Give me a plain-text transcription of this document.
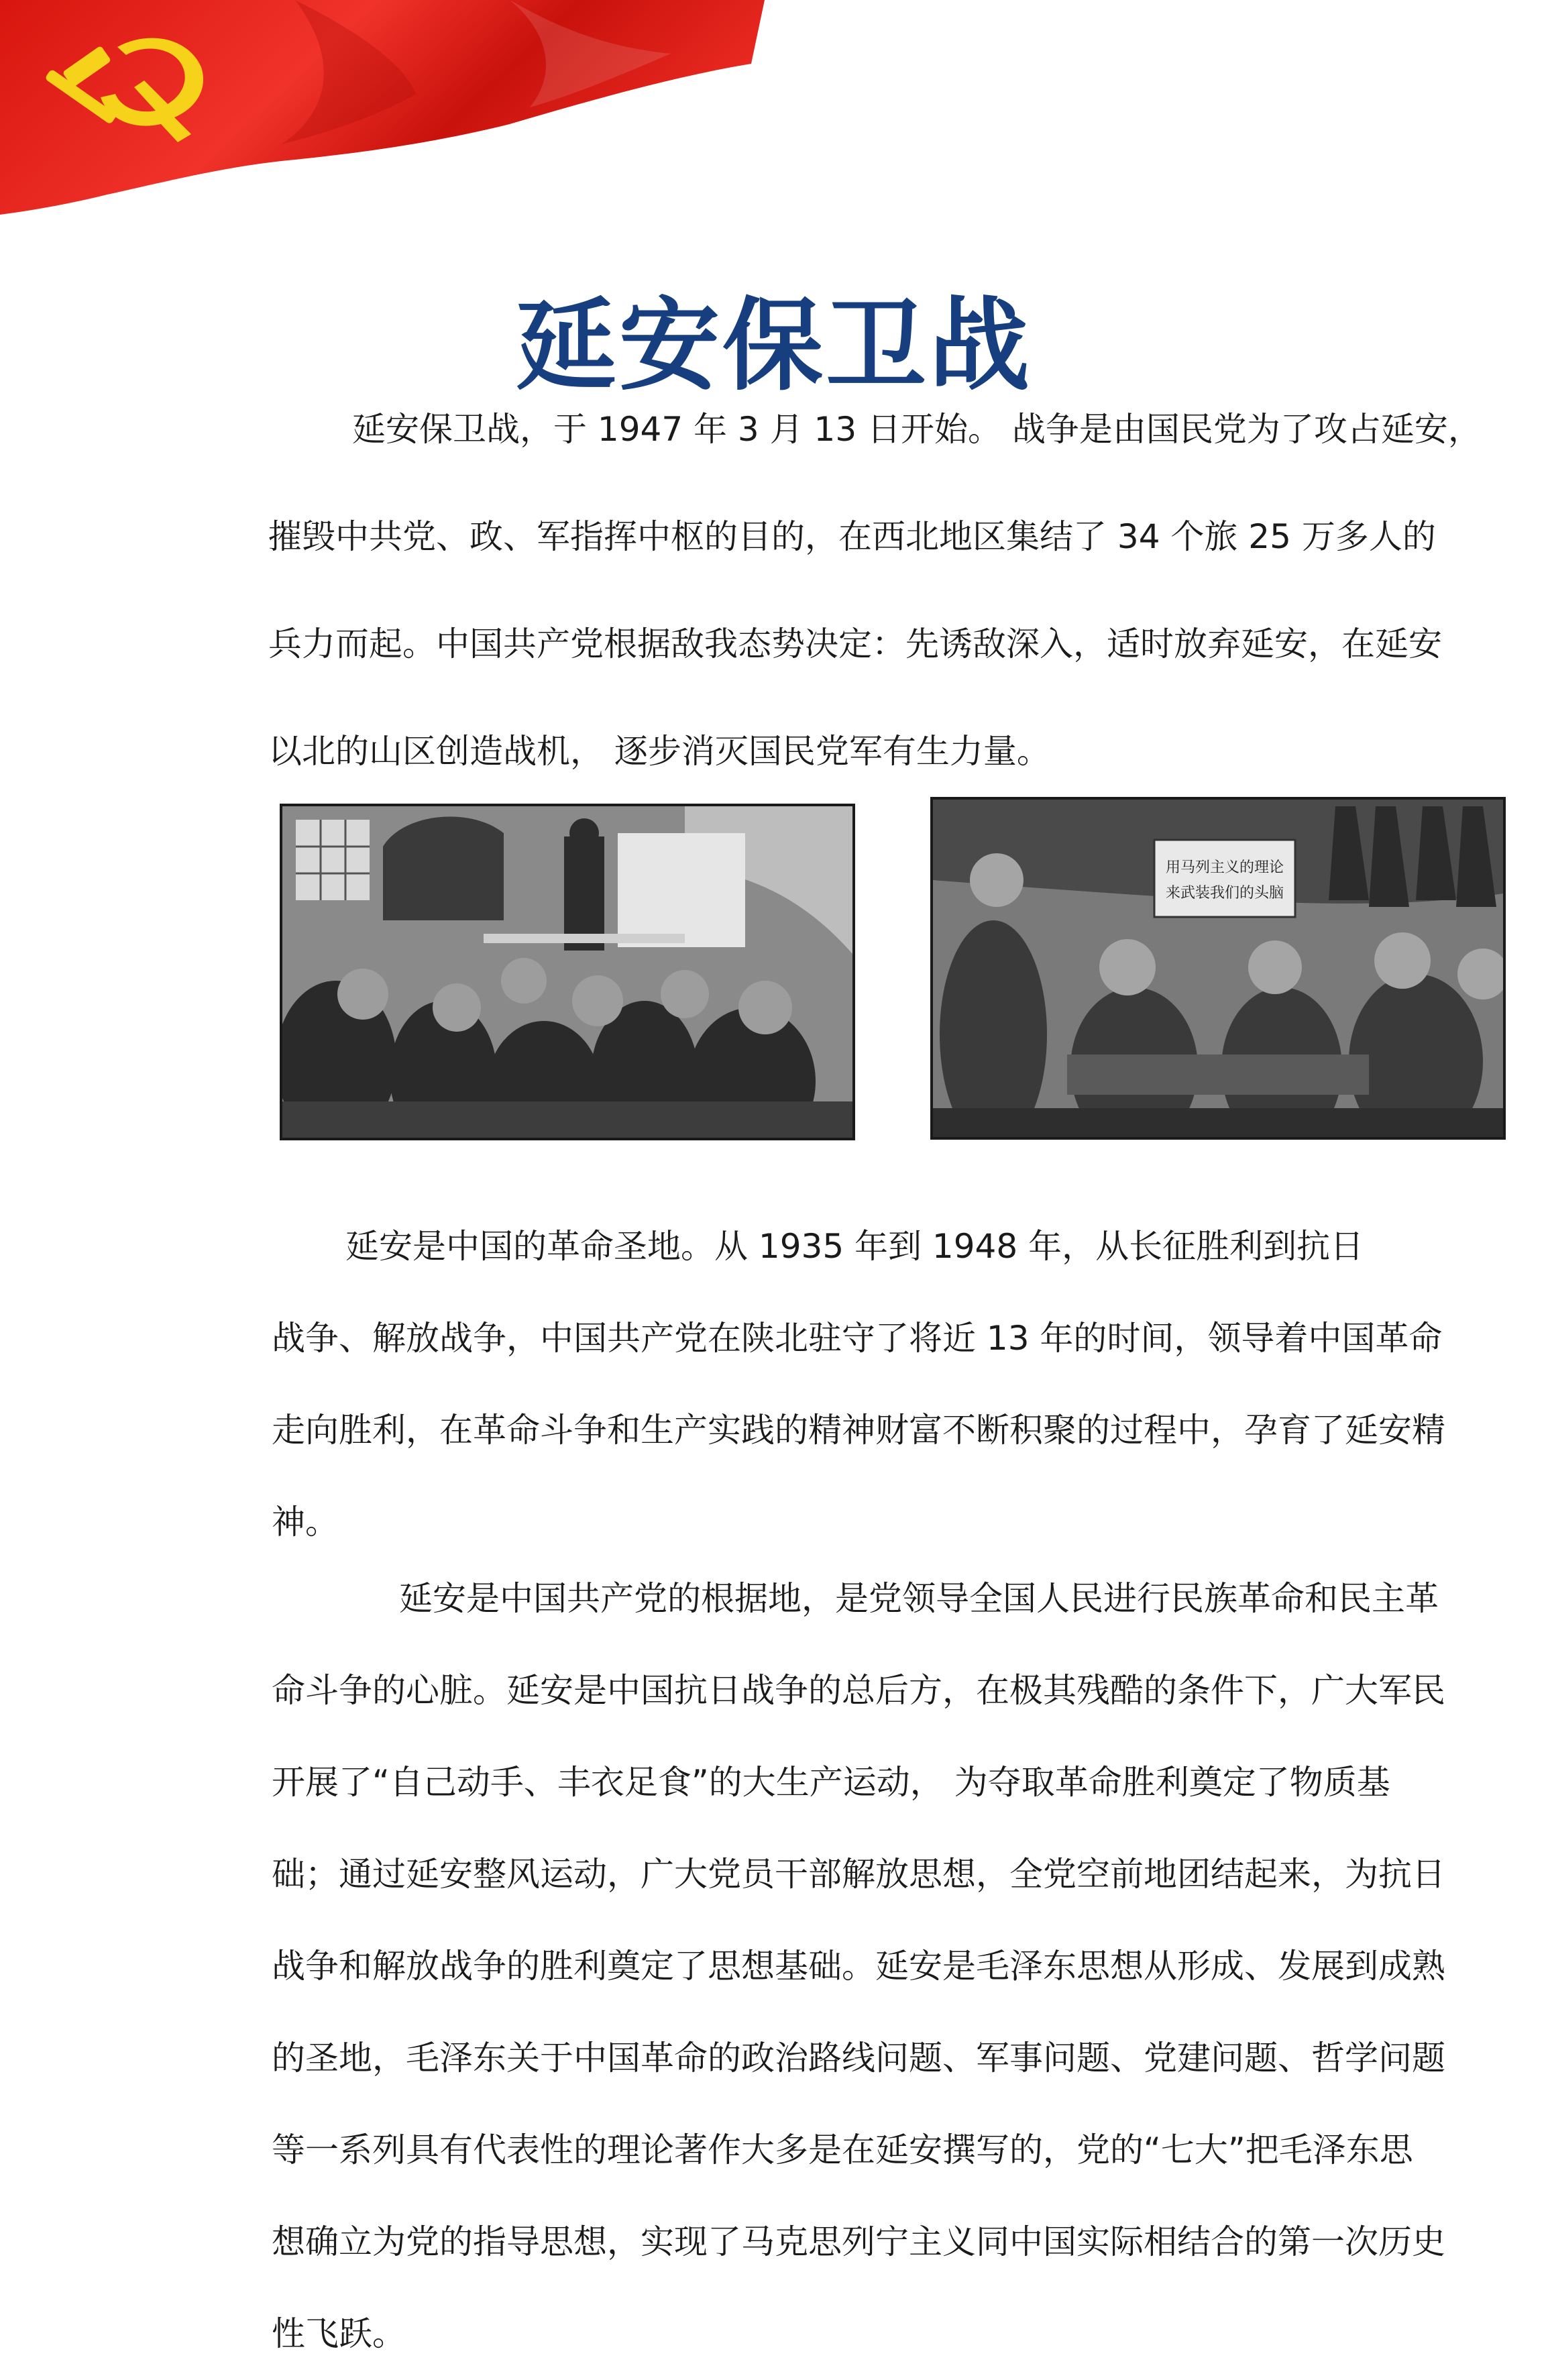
延安保卫战
延安保卫战，于 1947 年 3 月 13 日开始。 战争是由国民党为了攻占延安，
摧毁中共党、政、军指挥中枢的目的，在西北地区集结了 34 个旅 25 万多人的
兵力而起。中国共产党根据敌我态势决定：先诱敌深入，适时放弃延安，在延安
以北的山区创造战机， 逐步消灭国民党军有生力量。
用马列主义的理论
来武装我们的头脑
延安是中国的革命圣地。从 1935 年到 1948 年，从长征胜利到抗日
战争、解放战争，中国共产党在陕北驻守了将近 13 年的时间，领导着中国革命
走向胜利，在革命斗争和生产实践的精神财富不断积聚的过程中，孕育了延安精
神。
延安是中国共产党的根据地，是党领导全国人民进行民族革命和民主革
命斗争的心脏。延安是中国抗日战争的总后方，在极其残酷的条件下，广大军民
开展了“自己动手、丰衣足食”的大生产运动， 为夺取革命胜利奠定了物质基
础；通过延安整风运动，广大党员干部解放思想，全党空前地团结起来，为抗日
战争和解放战争的胜利奠定了思想基础。延安是毛泽东思想从形成、发展到成熟
的圣地，毛泽东关于中国革命的政治路线问题、军事问题、党建问题、哲学问题
等一系列具有代表性的理论著作大多是在延安撰写的，党的“七大”把毛泽东思
想确立为党的指导思想，实现了马克思列宁主义同中国实际相结合的第一次历史
性飞跃。
